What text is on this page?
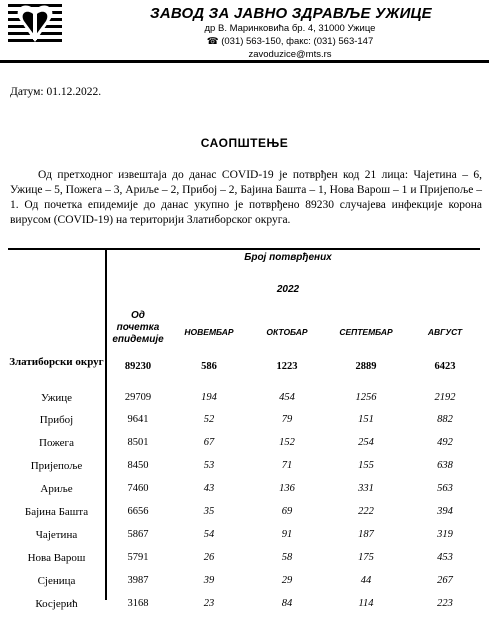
ЗАВОД ЗА ЈАВНО ЗДРАВЉЕ УЖИЦЕ
др В. Маринковића бр. 4, 31000 Ужице
☎ (031) 563-150, факс: (031) 563-147
zavoduzice@mts.rs
Датум: 01.12.2022.
САОПШТЕЊЕ
Од претходног извештаја до данас COVID-19 је потврђен код 21 лица: Чајетина – 6, Ужице – 5, Пожега – 3, Ариље – 2, Прибој – 2, Бајина Башта – 1, Нова Варош – 1 и Пријепоље – 1. Од почетка епидемије до данас укупно је потврђено 89230 случајева инфекције корона вирусом (COVID-19) на територији Златиборског округа.
Број потврђених
2022
Од
почетка
епидемије
НОВЕМБАР	ОКТОБАР	СЕПТЕМБАР	АВГУСТ
Златиборски округ	89230	586	1223	2889	6423
Ужице	29709	194	454	1256	2192
Прибој	9641	52	79	151	882
Пожега	8501	67	152	254	492
Пријепоље	8450	53	71	155	638
Ариље	7460	43	136	331	563
Бајина Башта	6656	35	69	222	394
Чајетина	5867	54	91	187	319
Нова Варош	5791	26	58	175	453
Сјеница	3987	39	29	44	267
Косјерић	3168	23	84	114	223
